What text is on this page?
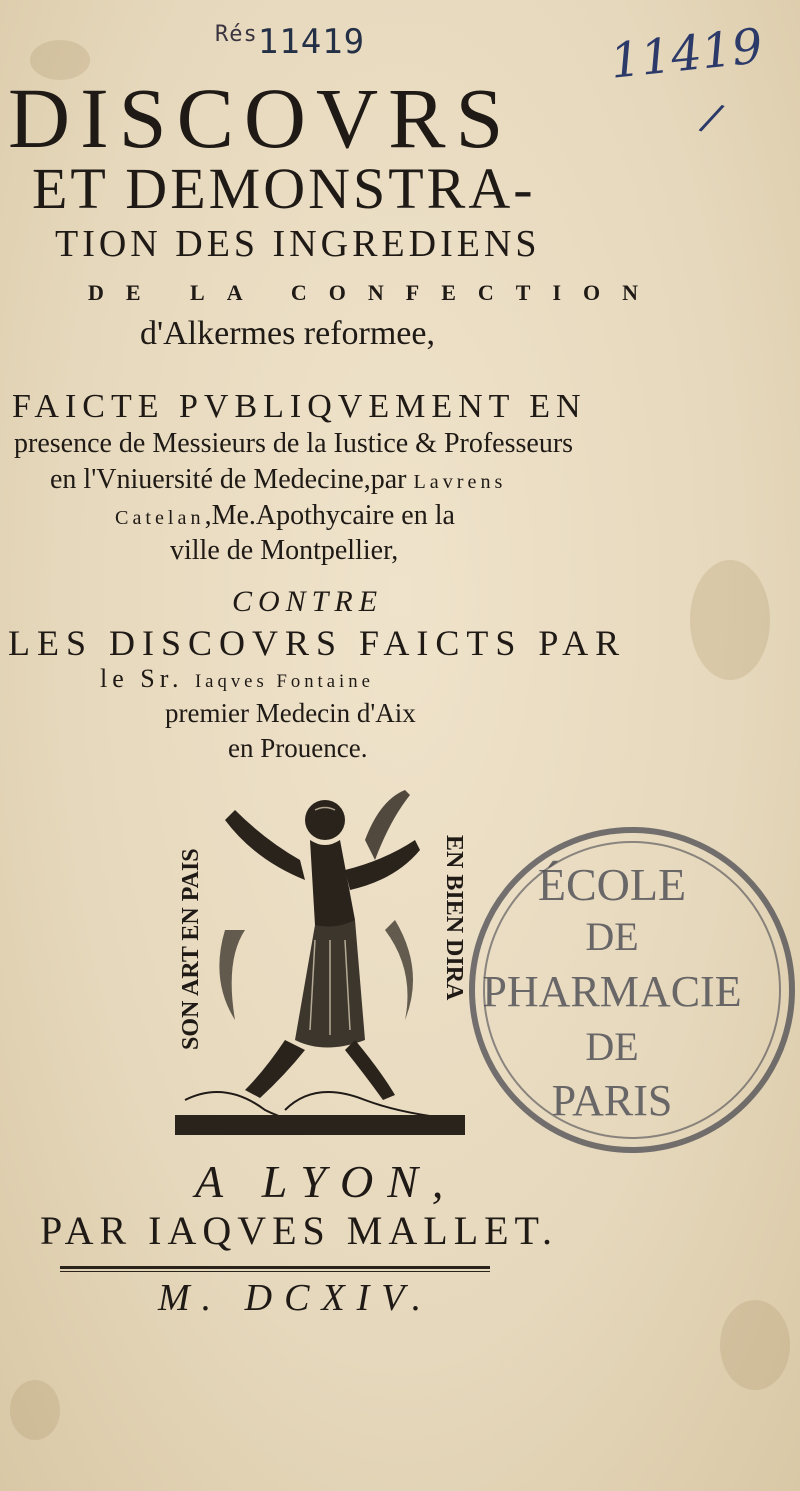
$^{Rés}$11419	11419
/
DISCOVRS
ET DEMONSTRA-
TION DES INGREDIENS
DE LA CONFECTION
d'Alkermes reformee,
FAICTE PVBLIQVEMENT EN
presence de Messieurs de la Iustice & Professeurs
en l'Vniuersité de Medecine,par Lavrens
Catelan,Me.Apothycaire en la
ville de Montpellier,
CONTRE
LES DISCOVRS FAICTS PAR
le Sr. Iaqves Fontaine
premier Medecin d'Aix
en Prouence.
SON ART EN PAIS	EN BIEN DIRA ÉCOLE
DE
PHARMACIE
DE
PARIS
A LYON,
PAR IAQVES MALLET.
M. DCXIV.
